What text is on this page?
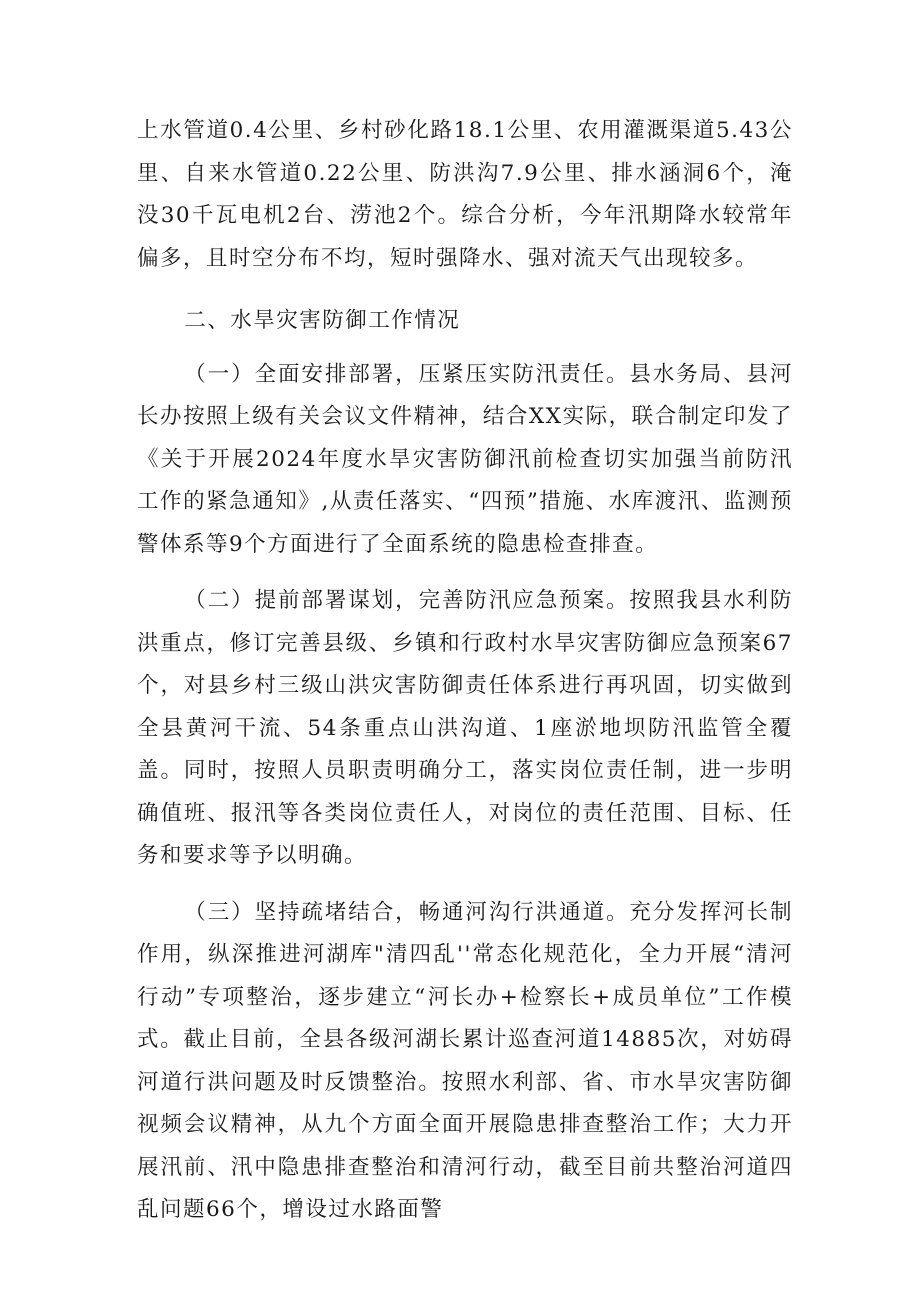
上水管道0.4公里、乡村砂化路18.1公里、农用灌溉渠道5.43公里、自来水管道0.22公里、防洪沟7.9公里、排水涵洞6个，淹没30千瓦电机2台、涝池2个。综合分析，今年汛期降水较常年偏多，且时空分布不均，短时强降水、强对流天气出现较多。

二、水旱灾害防御工作情况

（一）全面安排部署，压紧压实防汛责任。县水务局、县河长办按照上级有关会议文件精神，结合XX实际，联合制定印发了《关于开展2024年度水旱灾害防御汛前检查切实加强当前防汛工作的紧急通知》,从责任落实、“四预”措施、水库渡汛、监测预警体系等9个方面进行了全面系统的隐患检查排查。

（二）提前部署谋划，完善防汛应急预案。按照我县水利防洪重点，修订完善县级、乡镇和行政村水旱灾害防御应急预案67个，对县乡村三级山洪灾害防御责任体系进行再巩固，切实做到全县黄河干流、54条重点山洪沟道、1座淤地坝防汛监管全覆盖。同时，按照人员职责明确分工，落实岗位责任制，进一步明确值班、报汛等各类岗位责任人，对岗位的责任范围、目标、任务和要求等予以明确。

（三）坚持疏堵结合，畅通河沟行洪通道。充分发挥河长制作用，纵深推进河湖库"清四乱''常态化规范化，全力开展“清河行动”专项整治，逐步建立“河长办+检察长+成员单位”工作模式。截止目前，全县各级河湖长累计巡查河道14885次，对妨碍河道行洪问题及时反馈整治。按照水利部、省、市水旱灾害防御视频会议精神，从九个方面全面开展隐患排查整治工作；大力开展汛前、汛中隐患排查整治和清河行动，截至目前共整治河道四乱问题66个，增设过水路面警
